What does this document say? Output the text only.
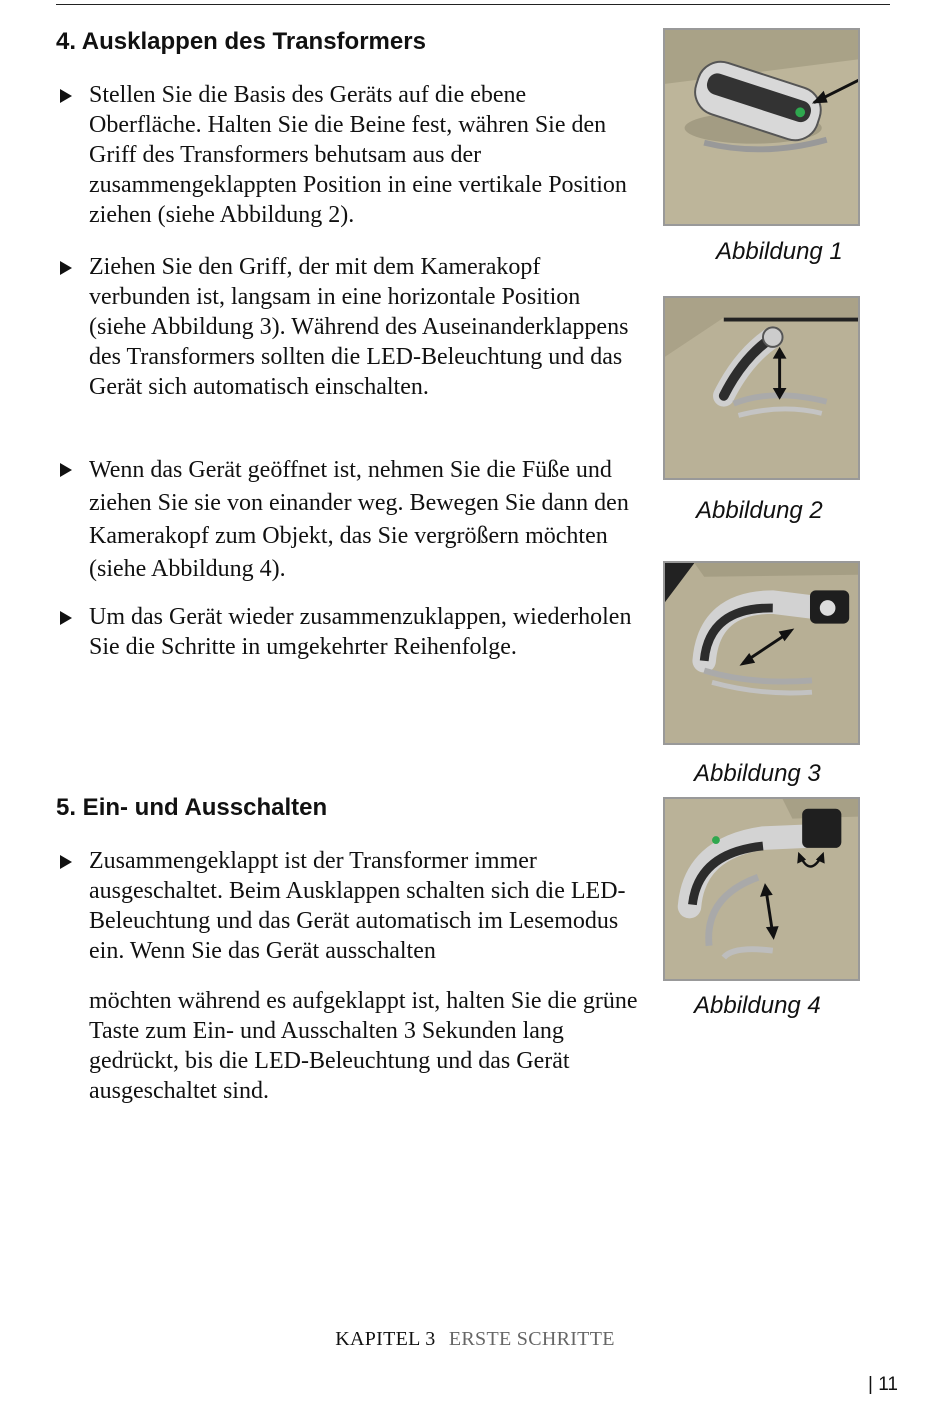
4. Ausklappen des Transformers
Stellen Sie die Basis des Geräts auf die ebene Oberfläche. Halten Sie die Beine fest, währen Sie den Griff des Transformers behutsam aus der zusammengeklappten Position in eine vertikale Position ziehen (siehe Abbildung 2).
Ziehen Sie den Griff, der mit dem Kamerakopf verbunden ist, langsam in eine horizontale Position (siehe Abbildung 3). Während des Auseinanderklappens des Transformers sollten die LED-Beleuchtung und das Gerät sich automatisch einschalten.
Wenn das Gerät geöffnet ist, nehmen Sie die Füße und ziehen Sie sie von einander weg. Bewegen Sie dann den Kamerakopf zum Objekt, das Sie vergrößern möchten (siehe Abbildung 4).
Um das Gerät wieder zusammenzuklappen, wiederholen Sie die Schritte in umgekehrter Reihenfolge.
5. Ein- und Ausschalten
Zusammengeklappt ist der Transformer immer ausgeschaltet. Beim Ausklappen schalten sich die LED-Beleuchtung und das Gerät automatisch im Lesemodus ein. Wenn Sie das Gerät ausschalten
möchten während es aufgeklappt ist, halten Sie die grüne Taste zum Ein- und Ausschalten 3 Sekunden lang gedrückt, bis die LED-Beleuchtung und das Gerät ausgeschaltet sind.
Abbildung 1
Abbildung 2
Abbildung 3
Abbildung 4
KAPITEL 3 ERSTE SCHRITTE
| 11
